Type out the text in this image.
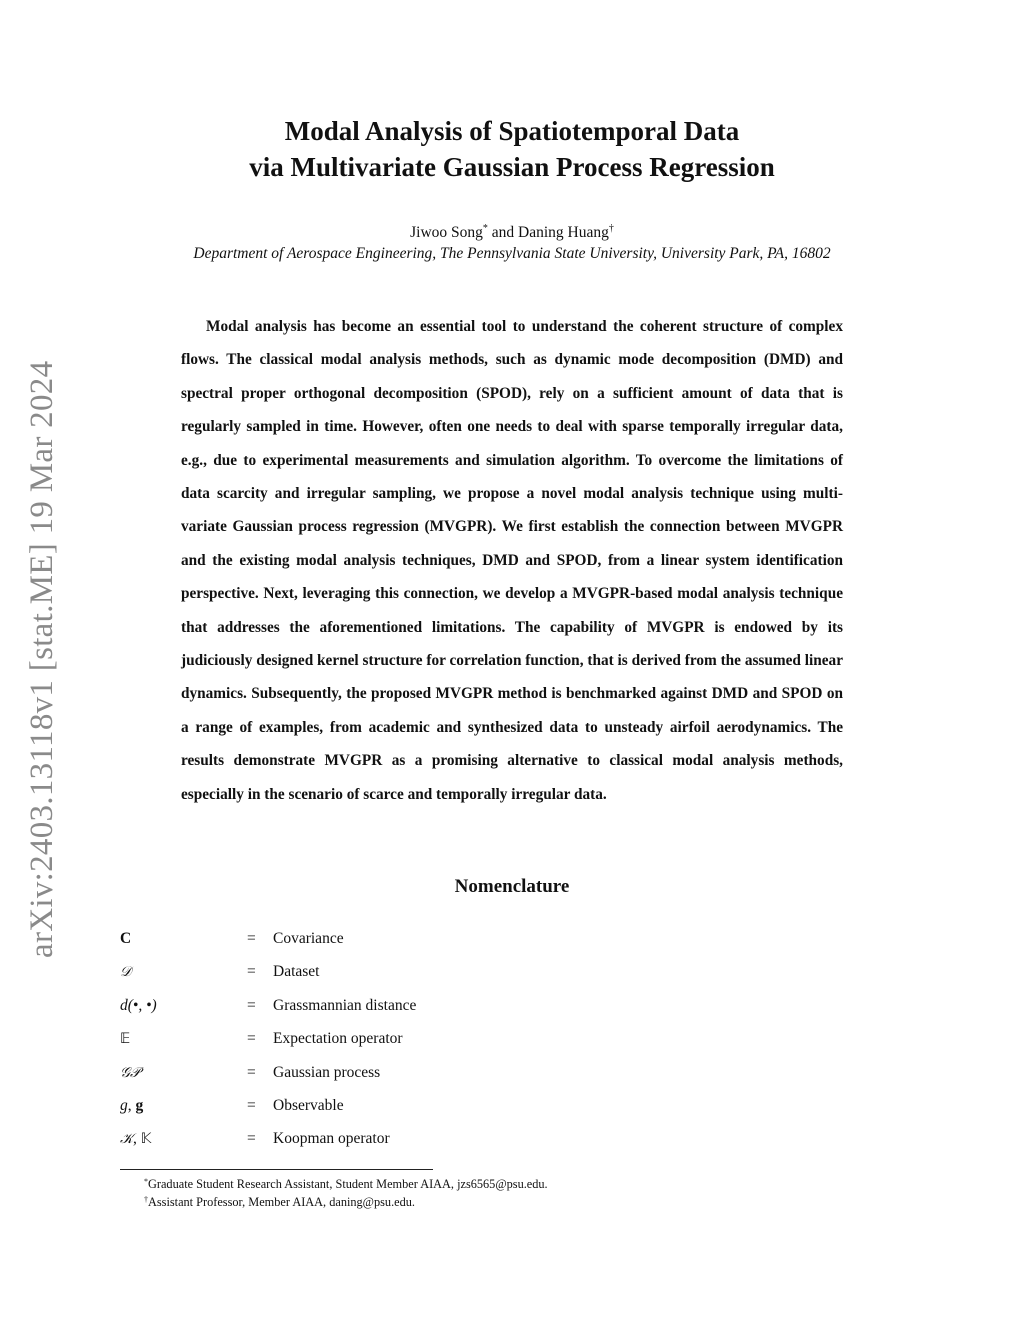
arXiv:2403.13118v1 [stat.ME] 19 Mar 2024
Modal Analysis of Spatiotemporal Data
via Multivariate Gaussian Process Regression
Jiwoo Song* and Daning Huang†
Department of Aerospace Engineering, The Pennsylvania State University, University Park, PA, 16802
Modal analysis has become an essential tool to understand the coherent structure of complex flows. The classical modal analysis methods, such as dynamic mode decomposition (DMD) and spectral proper orthogonal decomposition (SPOD), rely on a sufficient amount of data that is regularly sampled in time. However, often one needs to deal with sparse temporally irregular data, e.g., due to experimental measurements and simulation algorithm. To overcome the limitations of data scarcity and irregular sampling, we propose a novel modal analysis technique using multi-variate Gaussian process regression (MVGPR). We first establish the connection between MVGPR and the existing modal analysis techniques, DMD and SPOD, from a linear system identification perspective. Next, leveraging this connection, we develop a MVGPR-based modal analysis technique that addresses the aforementioned limitations. The capability of MVGPR is endowed by its judiciously designed kernel structure for correlation function, that is derived from the assumed linear dynamics. Subsequently, the proposed MVGPR method is benchmarked against DMD and SPOD on a range of examples, from academic and synthesized data to unsteady airfoil aerodynamics. The results demonstrate MVGPR as a promising alternative to classical modal analysis methods, especially in the scenario of scarce and temporally irregular data.
Nomenclature
C	= Covariance
𝒟	= Dataset
d(•, •)	= Grassmannian distance
𝔼	= Expectation operator
𝒢𝒫	= Gaussian process
g, g	= Observable
𝒦, 𝕂	= Koopman operator
*Graduate Student Research Assistant, Student Member AIAA, jzs6565@psu.edu.
†Assistant Professor, Member AIAA, daning@psu.edu.
